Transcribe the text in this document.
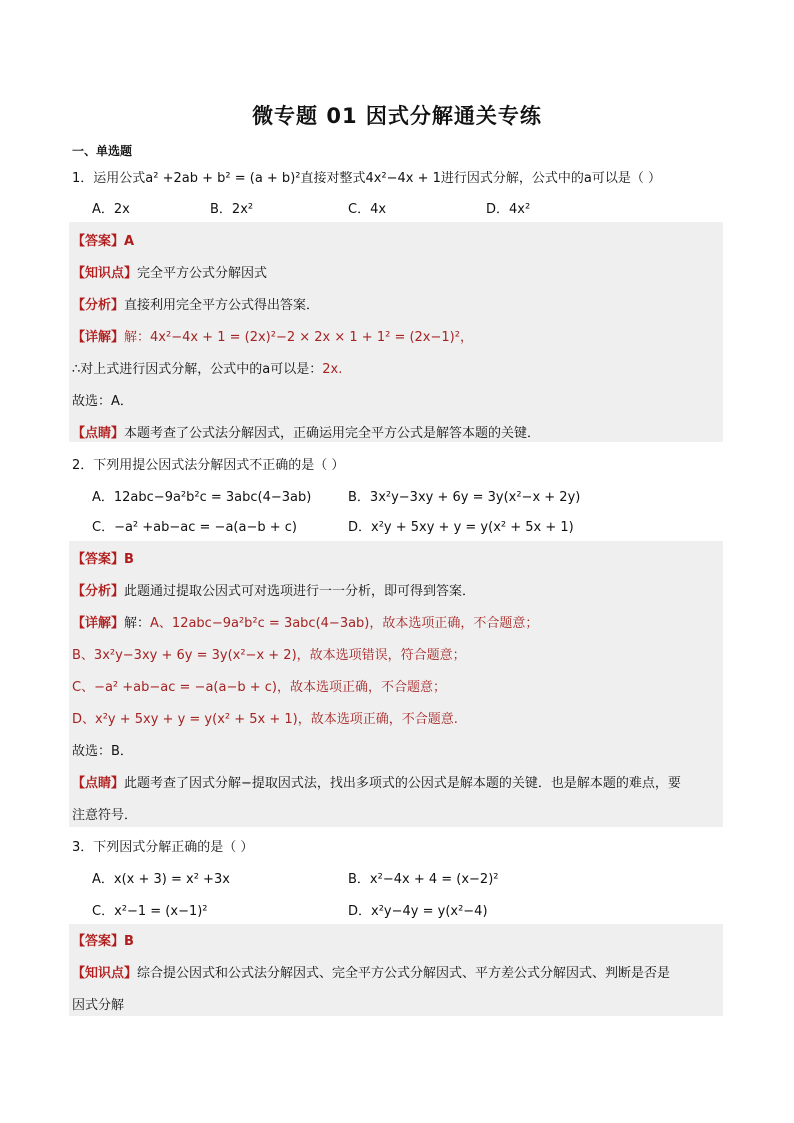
微专题 01 因式分解通关专练
一、单选题
1．运用公式a² +2ab + b² = (a + b)²直接对整式4x²−4x + 1进行因式分解，公式中的a可以是（ ）
A．2x	B．2x²	C．4x	D．4x²
【答案】A
【知识点】完全平方公式分解因式
【分析】直接利用完全平方公式得出答案．
【详解】解：4x²−4x + 1 = (2x)²−2 × 2x × 1 + 1² = (2x−1)²，
∴对上式进行因式分解，公式中的a可以是：2x.
故选：A．
【点睛】本题考查了公式法分解因式，正确运用完全平方公式是解答本题的关键．
2．下列用提公因式法分解因式不正确的是（ ）
A．12abc−9a²b²c = 3abc(4−3ab)	B．3x²y−3xy + 6y = 3y(x²−x + 2y)
C．−a² +ab−ac = −a(a−b + c)	D．x²y + 5xy + y = y(x² + 5x + 1)
【答案】B
【分析】此题通过提取公因式可对选项进行一一分析，即可得到答案．
【详解】解：A、12abc−9a²b²c = 3abc(4−3ab)，故本选项正确，不合题意；
B、3x²y−3xy + 6y = 3y(x²−x + 2)，故本选项错误，符合题意；
C、−a² +ab−ac = −a(a−b + c)，故本选项正确，不合题意；
D、x²y + 5xy + y = y(x² + 5x + 1)，故本选项正确，不合题意.
故选：B．
【点睛】此题考查了因式分解−提取因式法，找出多项式的公因式是解本题的关键．也是解本题的难点，要
注意符号．
3．下列因式分解正确的是（ ）
A．x(x + 3) = x² +3x	B．x²−4x + 4 = (x−2)²
C．x²−1 = (x−1)²	D．x²y−4y = y(x²−4)
【答案】B
【知识点】综合提公因式和公式法分解因式、完全平方公式分解因式、平方差公式分解因式、判断是否是
因式分解
